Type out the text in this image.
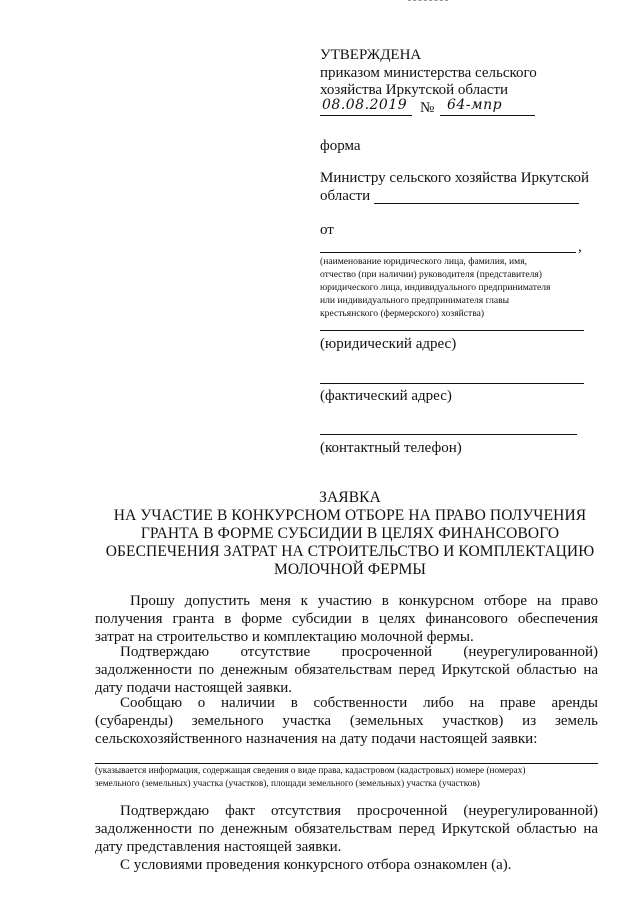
УТВЕРЖДЕНА
приказом министерства сельского
хозяйства Иркутской области
08.08.2019 № 64-мпр
форма
Министру сельского хозяйства Иркутской
области
от
,
(наименование юридического лица, фамилия, имя,
отчество (при наличии) руководителя (представителя)
юридического лица, индивидуального предпринимателя
или индивидуального предпринимателя главы
крестьянского (фермерского) хозяйства)
(юридический адрес)
(фактический адрес)
(контактный телефон)
ЗАЯВКА
НА УЧАСТИЕ В КОНКУРСНОМ ОТБОРЕ НА ПРАВО ПОЛУЧЕНИЯ
ГРАНТА В ФОРМЕ СУБСИДИИ В ЦЕЛЯХ ФИНАНСОВОГО
ОБЕСПЕЧЕНИЯ ЗАТРАТ НА СТРОИТЕЛЬСТВО И КОМПЛЕКТАЦИЮ
МОЛОЧНОЙ ФЕРМЫ
Прошу допустить меня к участию в конкурсном отборе на право
получения гранта в форме субсидии в целях финансового обеспечения
затрат на строительство и комплектацию молочной фермы.
Подтверждаю отсутствие просроченной (неурегулированной)
задолженности по денежным обязательствам перед Иркутской областью на
дату подачи настоящей заявки.
Сообщаю о наличии в собственности либо на праве аренды
(субаренды) земельного участка (земельных участков) из земель
сельскохозяйственного назначения на дату подачи настоящей заявки:
(указывается информация, содержащая сведения о виде права, кадастровом (кадастровых) номере (номерах)
земельного (земельных) участка (участков), площади земельного (земельных) участка (участков)
Подтверждаю факт отсутствия просроченной (неурегулированной)
задолженности по денежным обязательствам перед Иркутской областью на
дату представления настоящей заявки.
С условиями проведения конкурсного отбора ознакомлен (а).
